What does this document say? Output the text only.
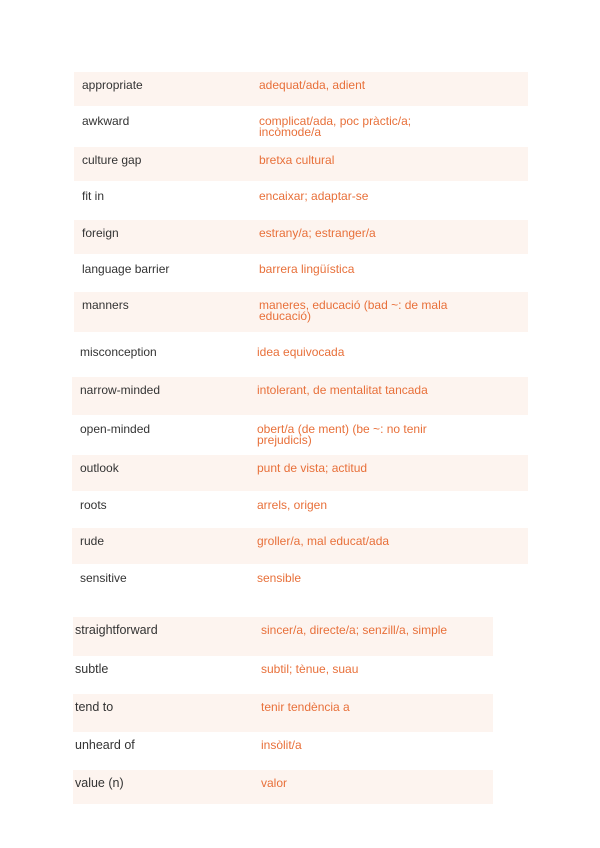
appropriate	adequat/ada, adient
awkward	complicat/ada, poc pràctic/a; incòmode/a
culture gap	bretxa cultural
fit in	encaixar; adaptar-se
foreign	estrany/a; estranger/a
language barrier	barrera lingüística
manners	maneres, educació (bad ~: de mala educació)
misconception	idea equivocada
narrow-minded	intolerant, de mentalitat tancada
open-minded	obert/a (de ment) (be ~: no tenir prejudicis)
outlook	punt de vista; actitud
roots	arrels, origen
rude	groller/a, mal educat/ada
sensitive	sensible
straightforward	sincer/a, directe/a; senzill/a, simple
subtle	subtil; tènue, suau
tend to	tenir tendència a
unheard of	insòlit/a
value (n)	valor
